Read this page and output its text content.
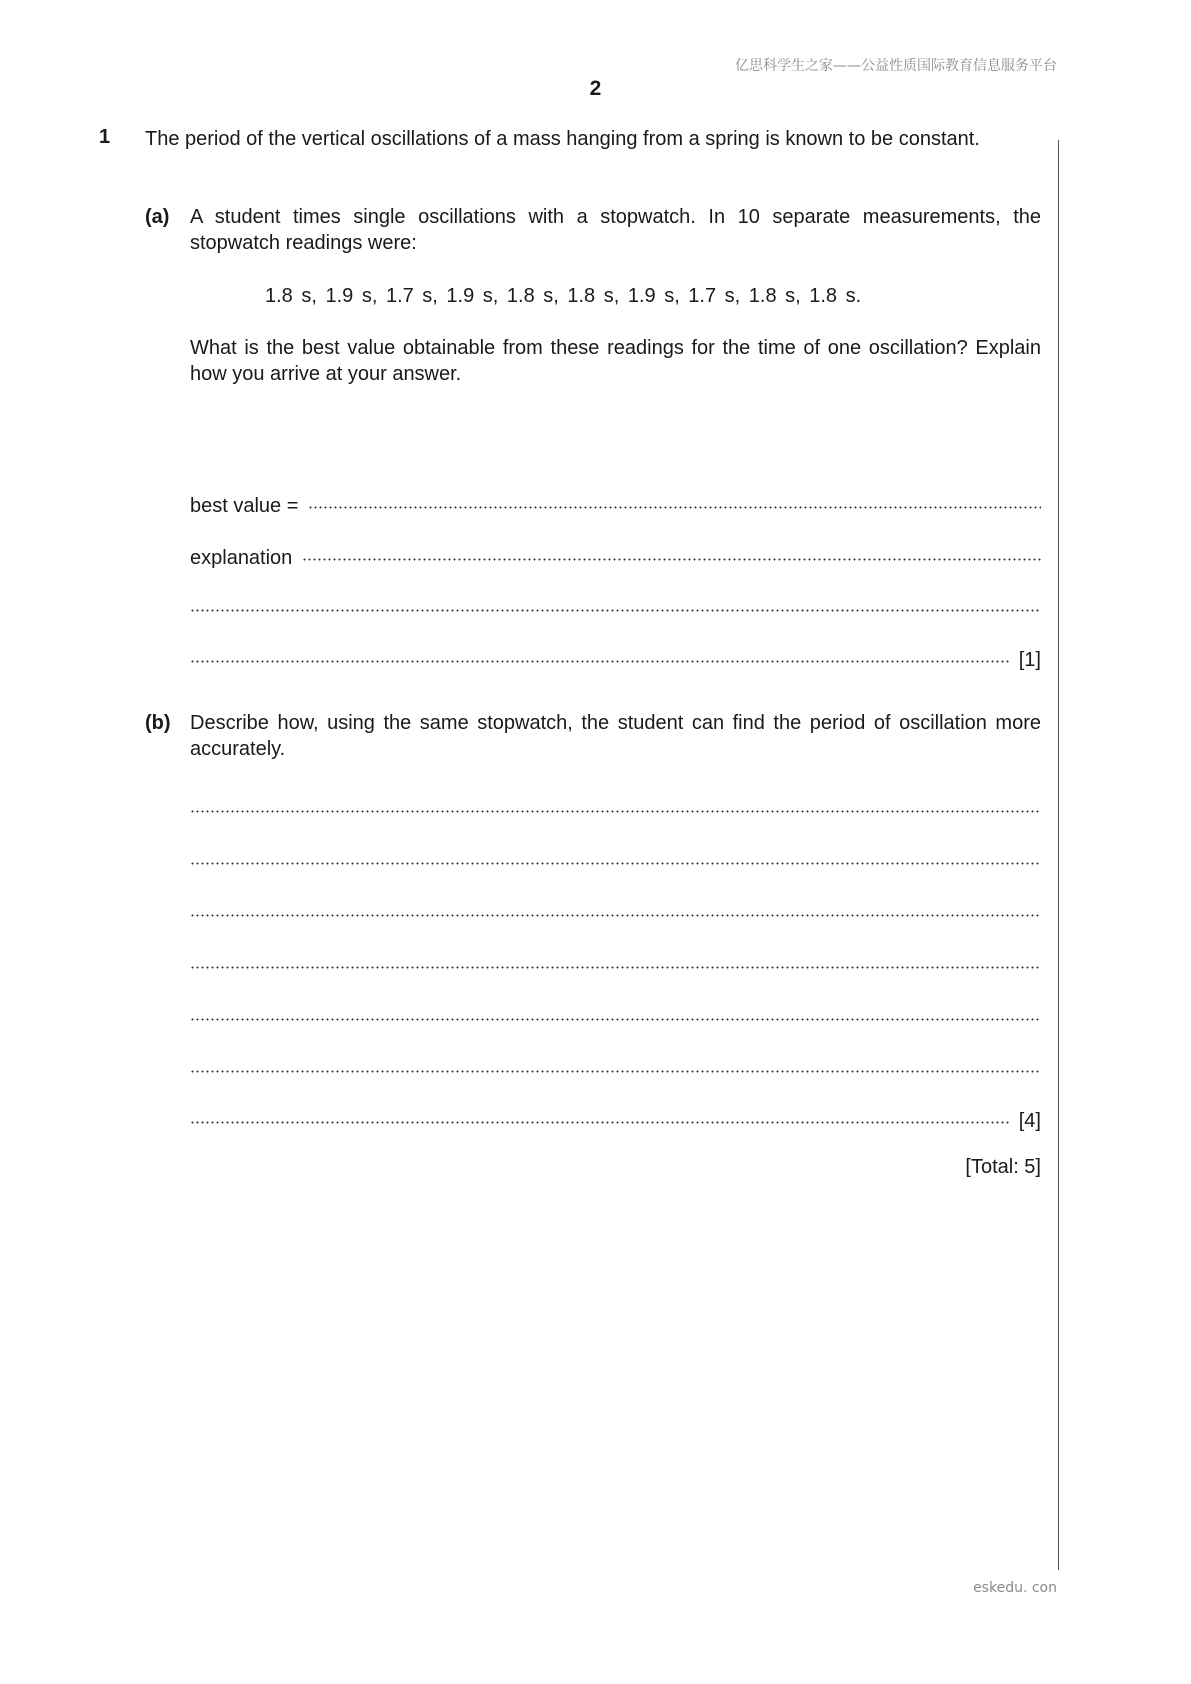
亿思科学生之家——公益性质国际教育信息服务平台
2
1 The period of the vertical oscillations of a mass hanging from a spring is known to be constant.
(a) A student times single oscillations with a stopwatch. In 10 separate measurements, the stopwatch readings were:
1.8 s, 1.9 s, 1.7 s, 1.9 s, 1.8 s, 1.8 s, 1.9 s, 1.7 s, 1.8 s, 1.8 s.
What is the best value obtainable from these readings for the time of one oscillation? Explain how you arrive at your answer.
best value =
explanation
[1]
(b) Describe how, using the same stopwatch, the student can find the period of oscillation more accurately.
[4]
[Total: 5]
eskedu. con
